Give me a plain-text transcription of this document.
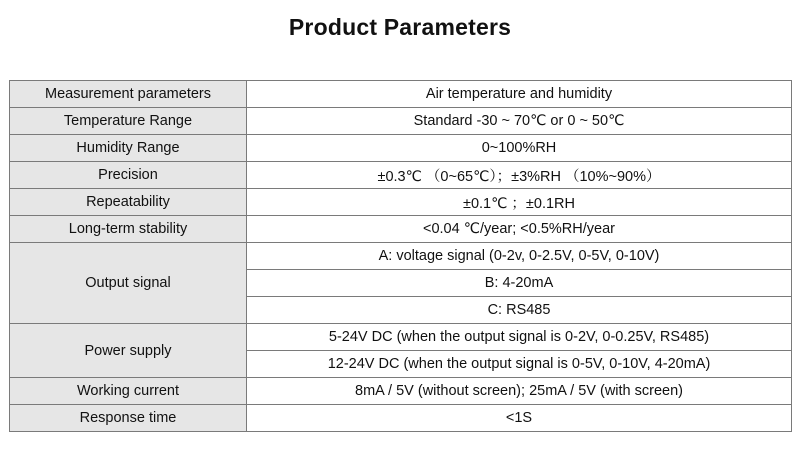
Product Parameters
Measurement parameters	Air temperature and humidity
Temperature Range	Standard -30 ~ 70℃ or 0 ~ 50℃
Humidity Range	0~100%RH
Precision	±0.3℃ （0~65℃）；±3%RH （10%~90%）
Repeatability	±0.1℃ ；±0.1RH
Long-term stability	<0.04 ℃/year; <0.5%RH/year
Output signal	A: voltage signal (0-2v, 0-2.5V, 0-5V, 0-10V)
	B: 4-20mA
	C: RS485
Power supply	5-24V DC (when the output signal is 0-2V, 0-0.25V, RS485)
	12-24V DC (when the output signal is 0-5V, 0-10V, 4-20mA)
Working current	8mA / 5V (without screen); 25mA / 5V (with screen)
Response time	<1S
